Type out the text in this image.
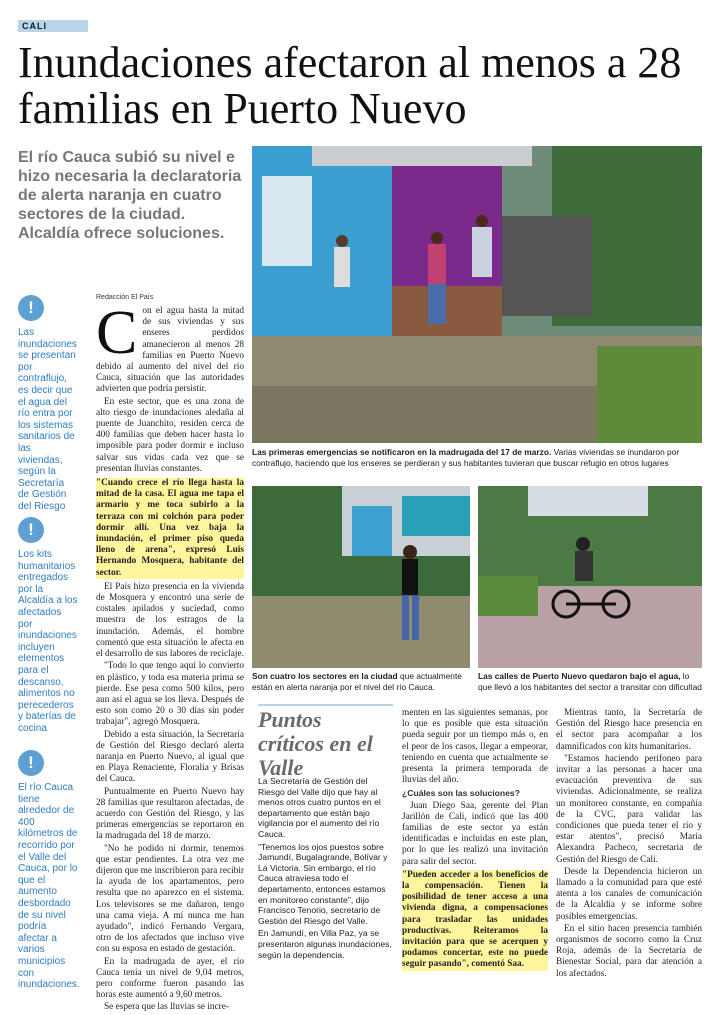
CALI
Inundaciones afectaron al menos a 28 familias en Puerto Nuevo
El río Cauca subió su nivel e hizo necesaria la declaratoria de alerta naranja en cuatro sectores de la ciudad. Alcaldía ofrece soluciones.
!
Las inundaciones se presentan por contraflujo, es decir que el agua del río entra por los sistemas sanitarios de las viviendas, según la Secretaría de Gestión del Riesgo
!
Los kits humanitarios entregados por la Alcaldía a los afectados por inundaciones incluyen elementos para el descanso, alimentos no perecederos y baterías de cocina
!
El río Cauca tiene alrededor de 400 kilómetros de recorrido por el Valle del Cauca, por lo que el aumento desbordado de su nivel podría afectar a varios municipios con inundaciones.
Redacción El País

Con el agua hasta la mitad de sus viviendas y sus enseres perdidos amanecieron al menos 28 familias en Puerto Nuevo debido al aumento del nivel del río Cauca, situación que las autoridades advierten que podría persistir.

En este sector, que es una zona de alto riesgo de inundaciones aledaña al puente de Juanchito, residen cerca de 400 familias que deben hacer hasta lo imposible para poder dormir e incluso salvar sus vidas cada vez que se presentan lluvias constantes.

"Cuando crece el río llega hasta la mitad de la casa. El agua me tapa el armario y me toca subirlo a la terraza con mi colchón para poder dormir allí. Una vez baja la inundación, el primer piso queda lleno de arena", expresó Luis Hernando Mosquera, habitante del sector.

El País hizo presencia en la vivienda de Mosquera y encontró una serie de costales apilados y suciedad, como muestra de los estragos de la inundación. Además, el hombre comentó que esta situación le afecta en el desarrollo de sus labores de reciclaje.

"Todo lo que tengo aquí lo convierto en plástico, y toda esa materia prima se pierde. Ese pesa como 500 kilos, pero aun así el agua se los lleva. Después de esto son como 20 o 30 días sin poder trabajar", agregó Mosquera.

Debido a esta situación, la Secretaría de Gestión del Riesgo declaró alerta naranja en Puerto Nuevo, al igual que en Playa Renaciente, Floralia y Brisas del Cauca.

Puntualmente en Puerto Nuevo hay 28 familias que resultaron afectadas, de acuerdo con Gestión del Riesgo, y las primeras emergencias se reportaron en la madrugada del 18 de marzo.

"No he podido ni dormir, tenemos que estar pendientes. La otra vez me dijeron que me inscribieron para recibir la ayuda de los apartamentos, pero resulta que no aparezco en el sistema. Los televisores se me dañaron, tengo una cama vieja. A mí nunca me han ayudado", indicó Fernando Vergara, otro de los afectados que incluso vive con su esposa en estado de gestación.

En la madrugada de ayer, el río Cauca tenía un nivel de 9,04 metros, pero conforme fueron pasando las horas este aumentó a 9,60 metros.

Se espera que las lluvias se incre-

Las primeras emergencias se notificaron en la madrugada del 17 de marzo. Varias viviendas se inundaron por contraflujo, haciendo que los enseres se perdieran y sus habitantes tuvieran que buscar refugio en otros lugares
Son cuatro los sectores en la ciudad que actualmente están en alerta naranja por el nivel del río Cauca.
Las calles de Puerto Nuevo quedaron bajo el agua, lo que llevó a los habitantes del sector a transitar con dificultad
Puntos críticos en el Valle

La Secretaría de Gestión del Riesgo del Valle dijo que hay al menos otros cuatro puntos en el departamento que están bajo vigilancia por el aumento del río Cauca.

"Tenemos los ojos puestos sobre Jamundí, Bugalagrande, Bolívar y La Victoria. Sin embargo, el río Cauca atraviesa todo el departamento, entonces estamos en monitoreo constante", dijo Francisco Tenorio, secretario de Gestión del Riesgo del Valle.

En Jamundí, en Villa Paz, ya se presentaron algunas inundaciones, según la dependencia.

menten en las siguientes semanas, por lo que es posible que esta situación pueda seguir por un tiempo más o, en el peor de los casos, llegar a empeorar, teniendo en cuenta que actualmente se presenta la primera temporada de lluvias del año.

¿Cuáles son las soluciones?

Juan Diego Saa, gerente del Plan Jarillón de Cali, indicó que las 400 familias de este sector ya están identificadas e incluidas en este plan, por lo que les realizó una invitación para salir del sector.

"Pueden acceder a los beneficios de la compensación. Tienen la posibilidad de tener acceso a una vivienda digna, a compensaciones para trasladar las unidades productivas. Reiteramos la invitación para que se acerquen y podamos concertar, este no puede seguir pasando", comentó Saa.

Mientras tanto, la Secretaría de Gestión del Riesgo hace presencia en el sector para acompañar a los damnificados con kits humanitarios.

"Estamos haciendo perifoneo para invitar a las personas a hacer una evacuación preventiva de sus viviendas. Adicionalmente, se realiza un monitoreo constante, en compañía de la CVC, para validar las condiciones que pueda tener el río y estar atentos", precisó María Alexandra Pacheco, secretaria de Gestión del Riesgo de Cali.

Desde la Dependencia hicieron un llamado a la comunidad para que esté atenta a los canales de comunicación de la Alcaldía y se informe sobre posibles emergencias.

En el sitio hacen presencia también organismos de socorro como la Cruz Roja, además de la Secretaría de Bienestar Social, para dar atención a los afectados.
